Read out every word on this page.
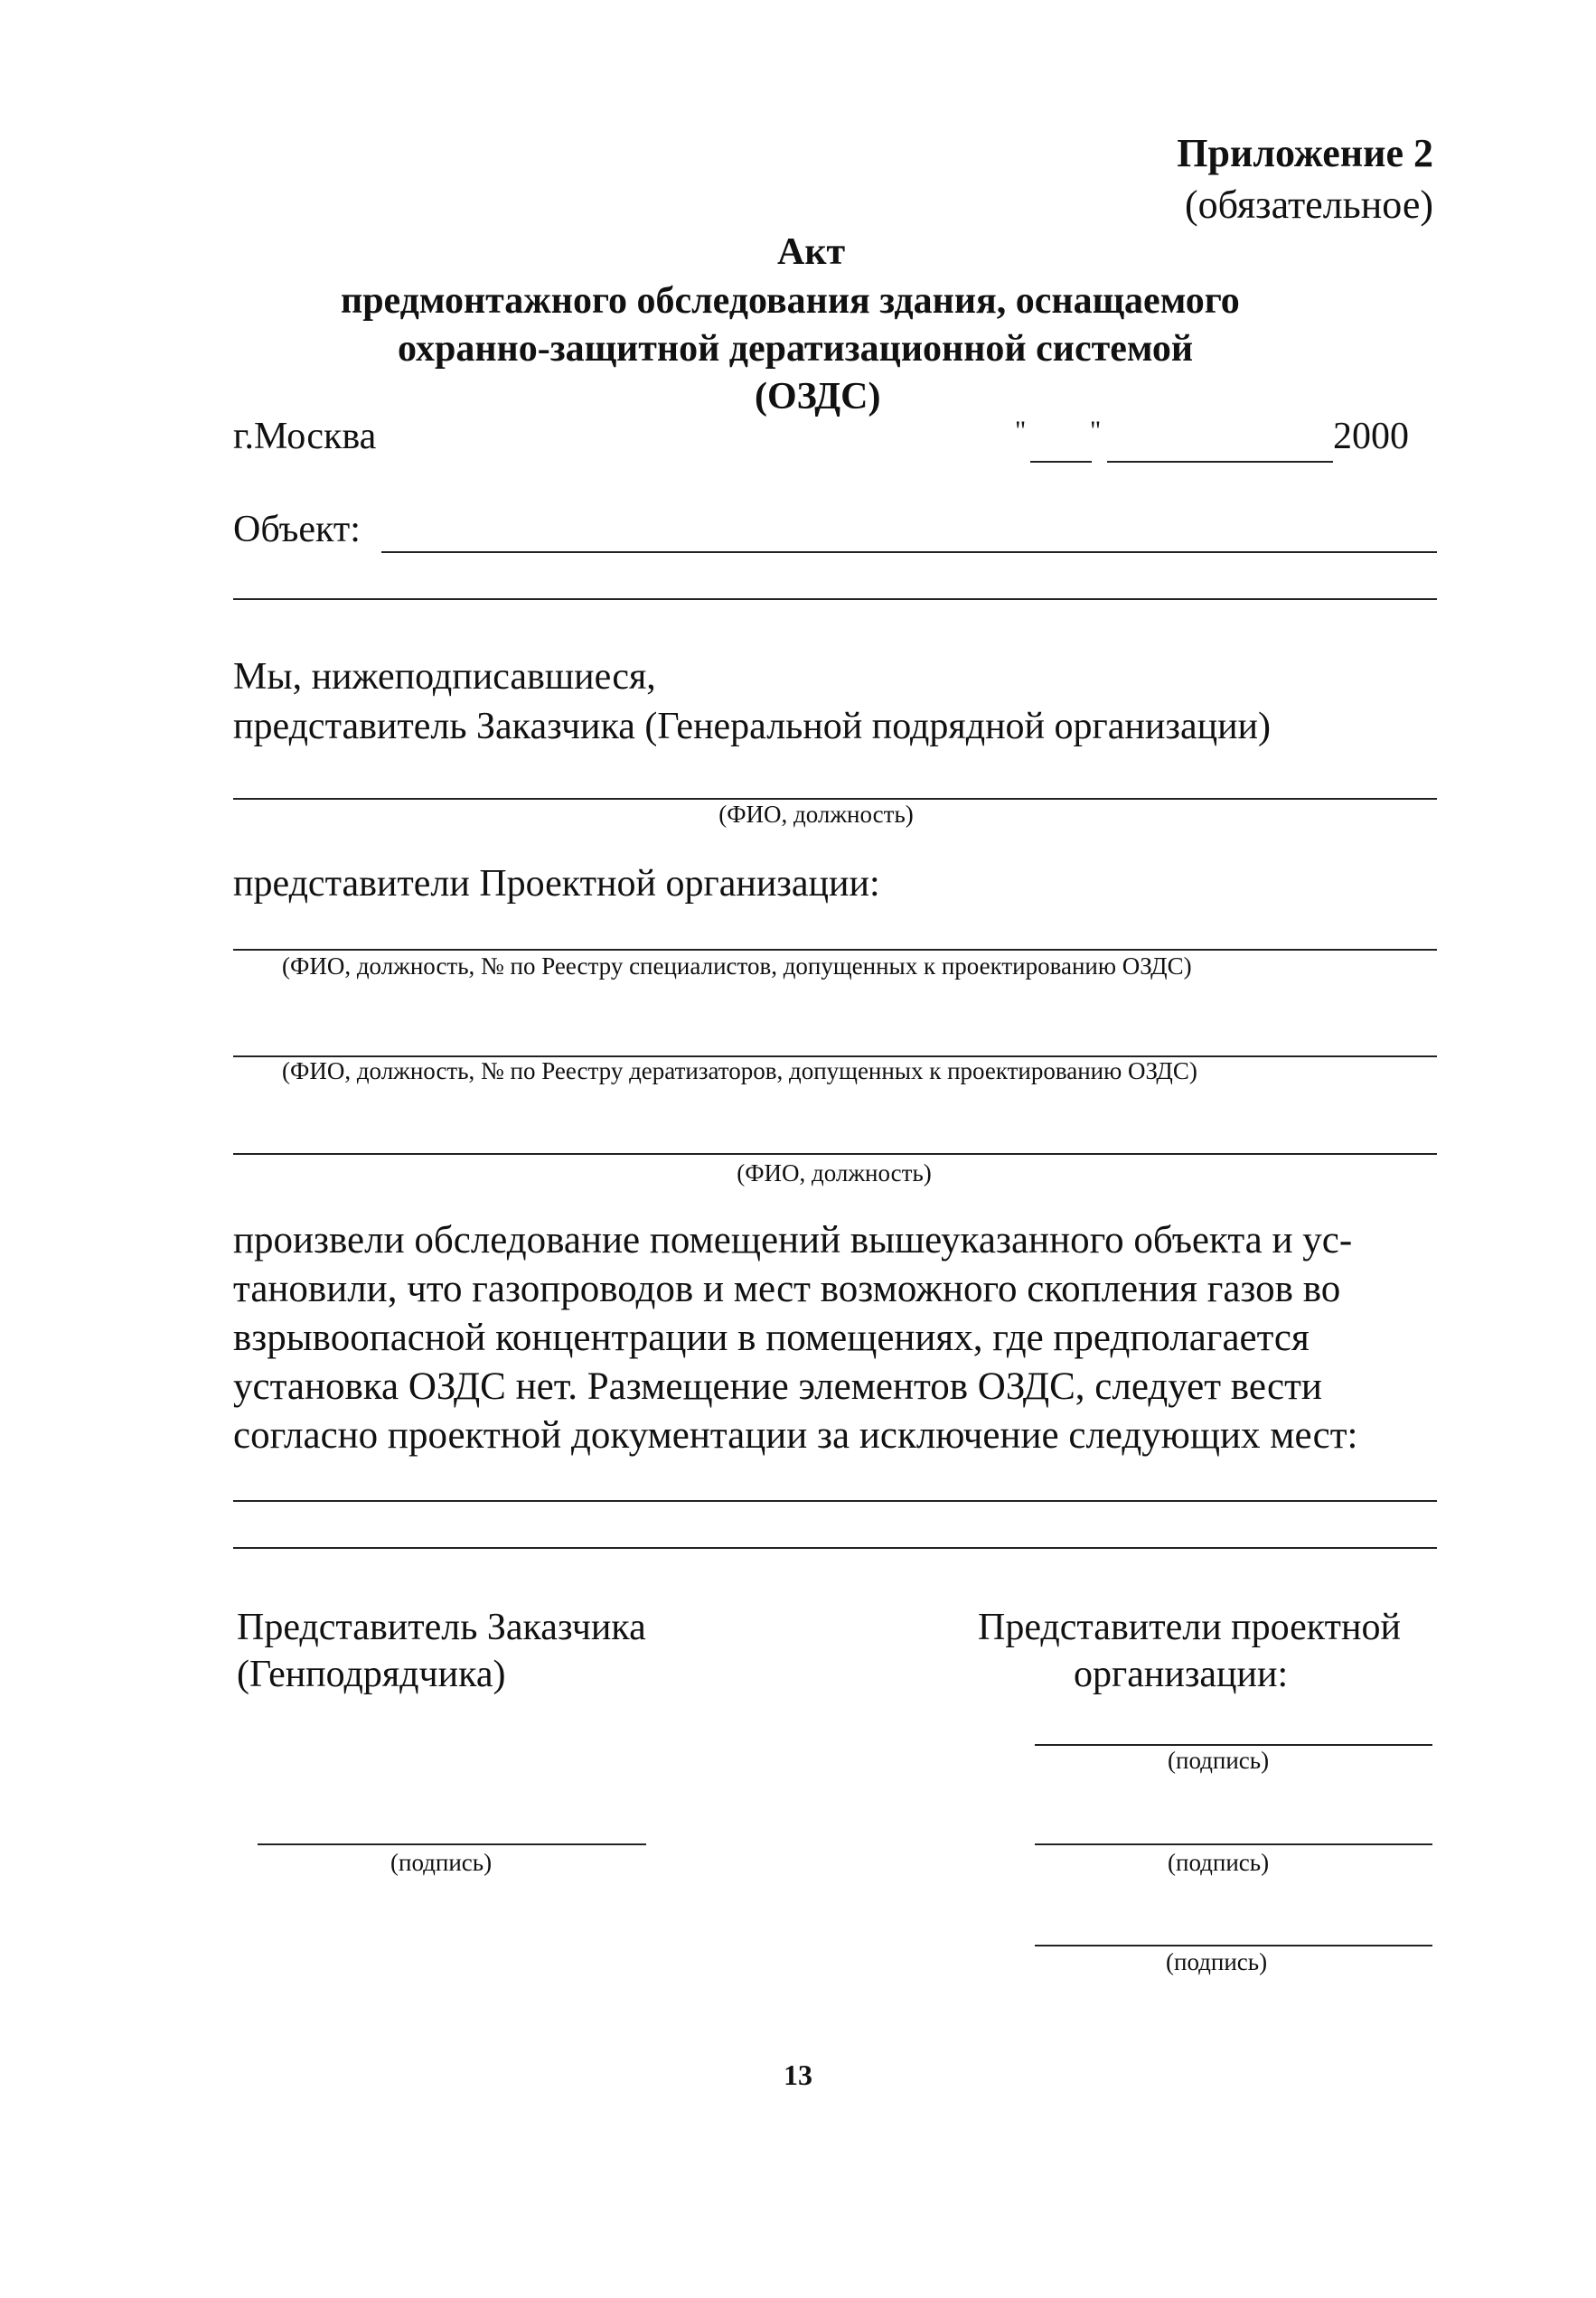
Приложение 2
(обязательное)
Акт
предмонтажного обследования здания, оснащаемого
охранно-защитной дератизационной системой
(ОЗДС)
г.Москва	" "	2000
Объект:
Мы, нижеподписавшиеся,
представитель Заказчика (Генеральной подрядной организации)
(ФИО, должность)
представители Проектной организации:
(ФИО, должность, № по Реестру специалистов, допущенных к проектированию ОЗДС)
(ФИО, должность, № по Реестру дератизаторов, допущенных к проектированию ОЗДС)
(ФИО, должность)
произвели обследование помещений вышеуказанного объекта и ус-
тановили, что газопроводов и мест возможного скопления газов во
взрывоопасной концентрации в помещениях, где предполагается
установка ОЗДС нет. Размещение элементов ОЗДС, следует вести
согласно проектной документации за исключение следующих мест:
Представитель Заказчика
(Генподрядчика)
Представители проектной
организации:
(подпись)
(подпись)	(подпись)
(подпись)
13
